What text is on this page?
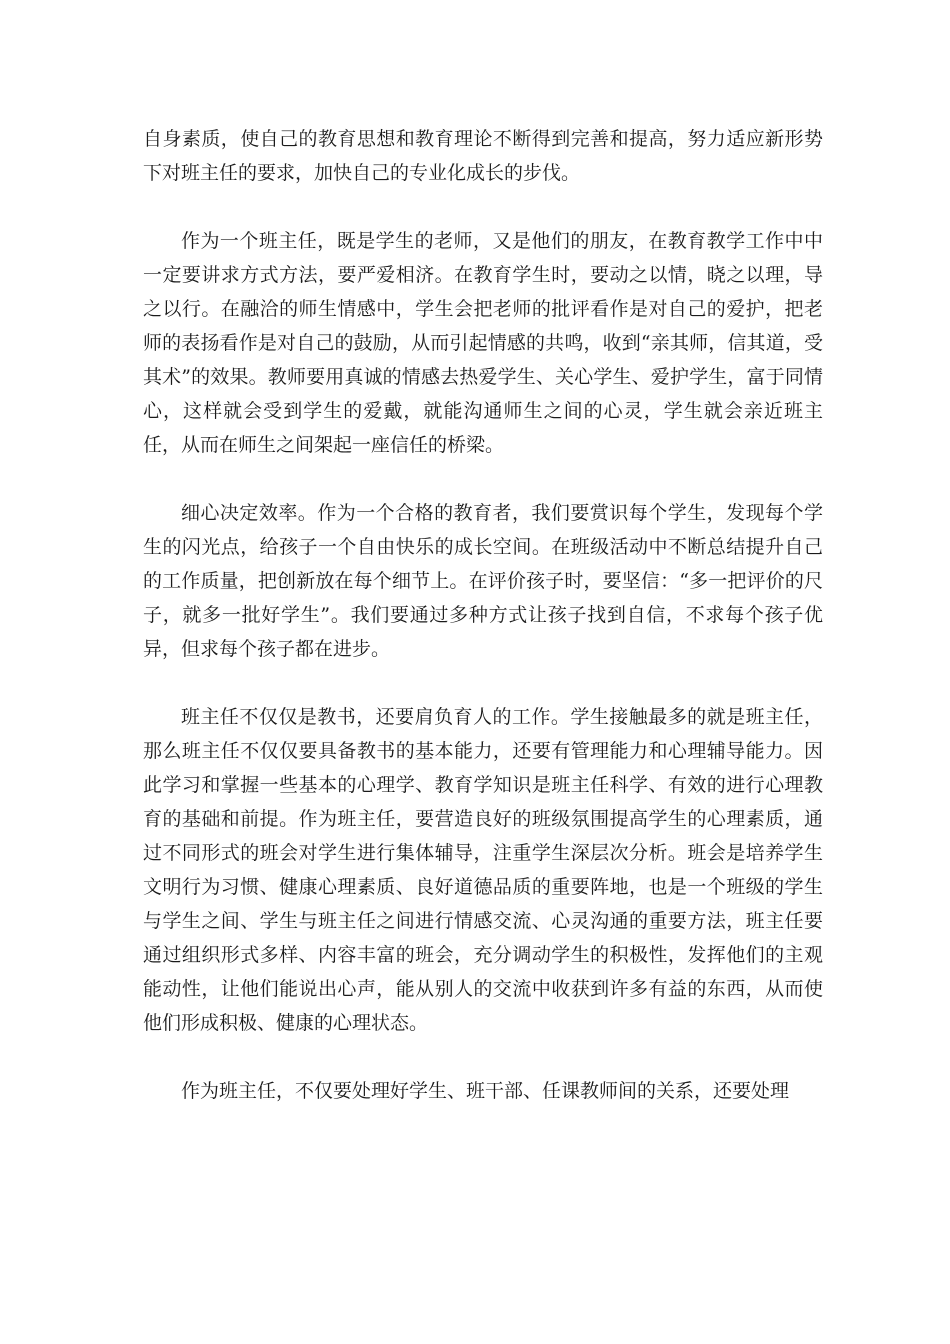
自身素质，使自己的教育思想和教育理论不断得到完善和提高，努力适应新形势下对班主任的要求，加快自己的专业化成长的步伐。

作为一个班主任，既是学生的老师，又是他们的朋友，在教育教学工作中中一定要讲求方式方法，要严爱相济。在教育学生时，要动之以情，晓之以理，导之以行。在融洽的师生情感中，学生会把老师的批评看作是对自己的爱护，把老师的表扬看作是对自己的鼓励，从而引起情感的共鸣，收到“亲其师，信其道，受其术”的效果。教师要用真诚的情感去热爱学生、关心学生、爱护学生，富于同情心，这样就会受到学生的爱戴，就能沟通师生之间的心灵，学生就会亲近班主任，从而在师生之间架起一座信任的桥梁。

细心决定效率。作为一个合格的教育者，我们要赏识每个学生，发现每个学生的闪光点，给孩子一个自由快乐的成长空间。在班级活动中不断总结提升自己的工作质量，把创新放在每个细节上。在评价孩子时，要坚信：“多一把评价的尺子，就多一批好学生”。我们要通过多种方式让孩子找到自信，不求每个孩子优异，但求每个孩子都在进步。

班主任不仅仅是教书，还要肩负育人的工作。学生接触最多的就是班主任，那么班主任不仅仅要具备教书的基本能力，还要有管理能力和心理辅导能力。因此学习和掌握一些基本的心理学、教育学知识是班主任科学、有效的进行心理教育的基础和前提。作为班主任，要营造良好的班级氛围提高学生的心理素质，通过不同形式的班会对学生进行集体辅导，注重学生深层次分析。班会是培养学生文明行为习惯、健康心理素质、良好道德品质的重要阵地，也是一个班级的学生与学生之间、学生与班主任之间进行情感交流、心灵沟通的重要方法，班主任要通过组织形式多样、内容丰富的班会，充分调动学生的积极性，发挥他们的主观能动性，让他们能说出心声，能从别人的交流中收获到许多有益的东西，从而使他们形成积极、健康的心理状态。

作为班主任，不仅要处理好学生、班干部、任课教师间的关系，还要处理
